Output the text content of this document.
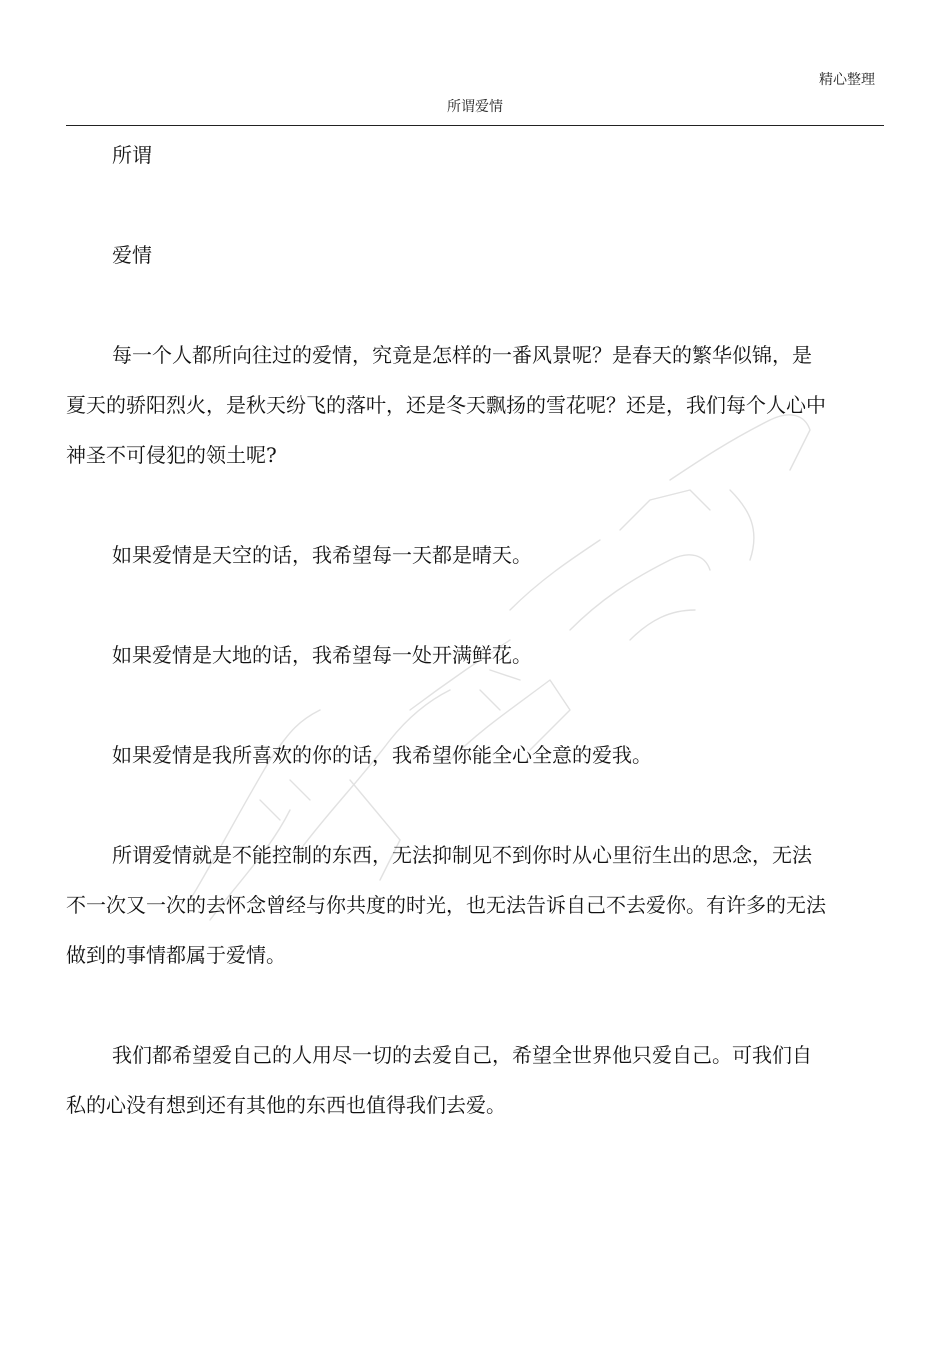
精心整理
所谓爱情

所谓

爱情

每一个人都所向往过的爱情，究竟是怎样的一番风景呢？是春天的繁华似锦，是夏天的骄阳烈火，是秋天纷飞的落叶，还是冬天飘扬的雪花呢？还是，我们每个人心中神圣不可侵犯的领土呢?

如果爱情是天空的话，我希望每一天都是晴天。

如果爱情是大地的话，我希望每一处开满鲜花。

如果爱情是我所喜欢的你的话，我希望你能全心全意的爱我。

所谓爱情就是不能控制的东西，无法抑制见不到你时从心里衍生出的思念，无法不一次又一次的去怀念曾经与你共度的时光，也无法告诉自己不去爱你。有许多的无法做到的事情都属于爱情。

我们都希望爱自己的人用尽一切的去爱自己，希望全世界他只爱自己。可我们自私的心没有想到还有其他的东西也值得我们去爱。
